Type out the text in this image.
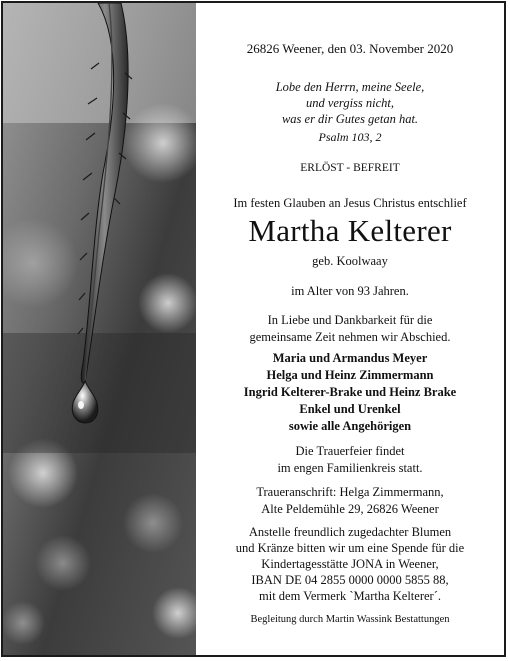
26826 Weener, den 03. November 2020
Lobe den Herrn, meine Seele,
und vergiss nicht,
was er dir Gutes getan hat.
Psalm 103, 2
ERLÖST - BEFREIT
Im festen Glauben an Jesus Christus entschlief
Martha Kelterer
geb. Koolwaay
im Alter von 93 Jahren.
In Liebe und Dankbarkeit für die
gemeinsame Zeit nehmen wir Abschied.
Maria und Armandus Meyer
Helga und Heinz Zimmermann
Ingrid Kelterer-Brake und Heinz Brake
Enkel und Urenkel
sowie alle Angehörigen
Die Trauerfeier findet
im engen Familienkreis statt.
Traueranschrift: Helga Zimmermann,
Alte Peldemühle 29, 26826 Weener
Anstelle freundlich zugedachter Blumen
und Kränze bitten wir um eine Spende für die
Kindertagesstätte JONA in Weener,
IBAN DE 04 2855 0000 0000 5855 88,
mit dem Vermerk `Martha Kelterer´.
Begleitung durch Martin Wassink Bestattungen
